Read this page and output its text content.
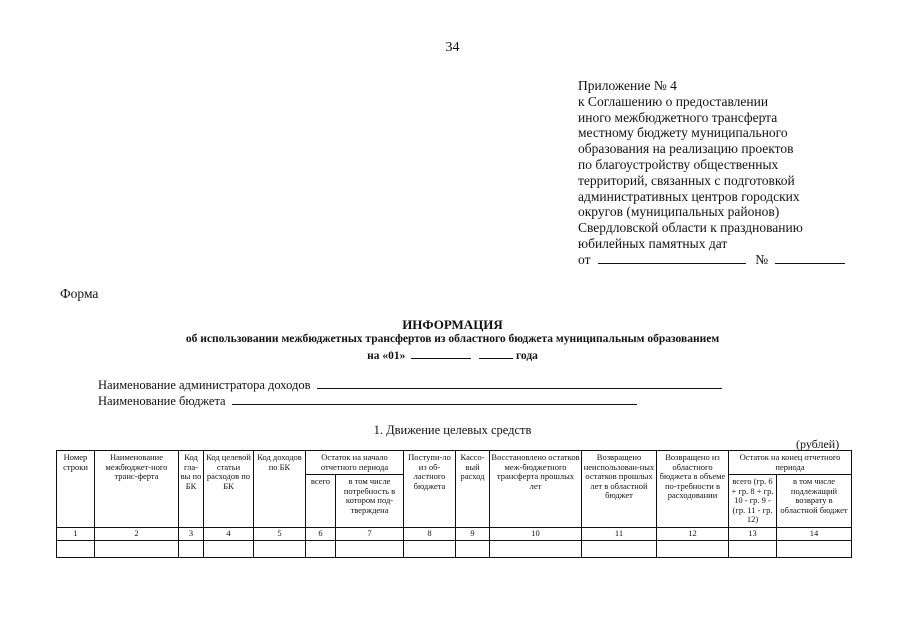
34
Приложение № 4
к Соглашению о предоставлении
иного межбюджетного трансферта
местному бюджету муниципального
образования на реализацию проектов
по благоустройству общественных
территорий, связанных с подготовкой
административных центров городских
округов (муниципальных районов)
Свердловской области к празднованию
юбилейных памятных дат
от	№
Форма
ИНФОРМАЦИЯ
об использовании межбюджетных трансфертов из областного бюджета муниципальным образованием
на «01»	года
Наименование администратора доходов
Наименование бюджета
1. Движение целевых средств
(рублей)
Номер строки	Наименование межбюджет-ного транс-ферта	Код гла-вы по БК	Код целевой статьи расходов по БК	Код доходов по БК	Остаток на начало отчетного периода		Поступи-ло из об-ластного бюджета	Кассо-вый расход	Восстановлено остатков меж-бюджетного трансферта прошлых лет	Возвращено неиспользован-ных остатков прошлых лет в областной бюджет	Возвращено из областного бюджета в объеме по-требности в расходовании	Остаток на конец отчетного периода	
					всего	в том числе потребность в котором под-тверждена						всего (гр. 6 + гр. 8 + гр. 10 - гр. 9 - (гр. 11 - гр. 12)	в том числе подлежащий возврату в областной бюджет
1	2	3	4	5	6	7	8	9	10	11	12	13	14
